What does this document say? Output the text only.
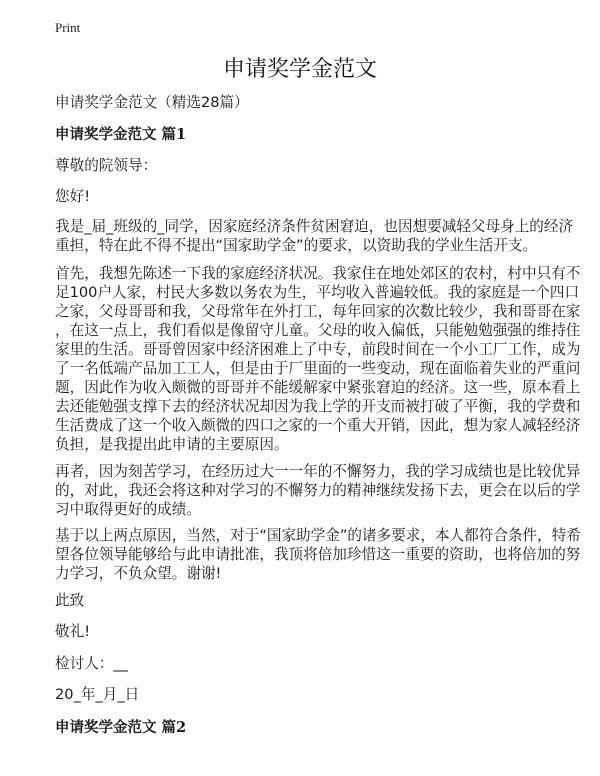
Print
申请奖学金范文
申请奖学金范文（精选28篇）
申请奖学金范文 篇1
尊敬的院领导：
您好!
我是_届_班级的_同学，因家庭经济条件贫困窘迫，也因想要减轻父母身上的经济
重担，特在此不得不提出“国家助学金”的要求，以资助我的学业生活开支。
首先，我想先陈述一下我的家庭经济状况。我家住在地处郊区的农村，村中只有不
足100户人家，村民大多数以务农为生，平均收入普遍较低。我的家庭是一个四口
之家，父母哥哥和我，父母常年在外打工，每年回家的次数比较少，我和哥哥在家
，在这一点上，我们看似是像留守儿童。父母的收入偏低，只能勉勉强强的维持住
家里的生活。哥哥曾因家中经济困难上了中专，前段时间在一个小工厂工作，成为
了一名低端产品加工工人，但是由于厂里面的一些变动，现在面临着失业的严重问
题，因此作为收入颇微的哥哥并不能缓解家中紧张窘迫的经济。这一些，原本看上
去还能勉强支撑下去的经济状况却因为我上学的开支而被打破了平衡，我的学费和
生活费成了这一个收入颇微的四口之家的一个重大开销，因此，想为家人减轻经济
负担，是我提出此申请的主要原因。
再者，因为刻苦学习，在经历过大一一年的不懈努力，我的学习成绩也是比较优异
的，对此，我还会将这种对学习的不懈努力的精神继续发扬下去，更会在以后的学
习中取得更好的成绩。
基于以上两点原因，当然，对于“国家助学金”的诸多要求，本人都符合条件，特希
望各位领导能够给与此申请批准，我顶将倍加珍惜这一重要的资助，也将倍加的努
力学习，不负众望。谢谢!
此致
敬礼!
检讨人：__
20_年_月_日
申请奖学金范文 篇2
